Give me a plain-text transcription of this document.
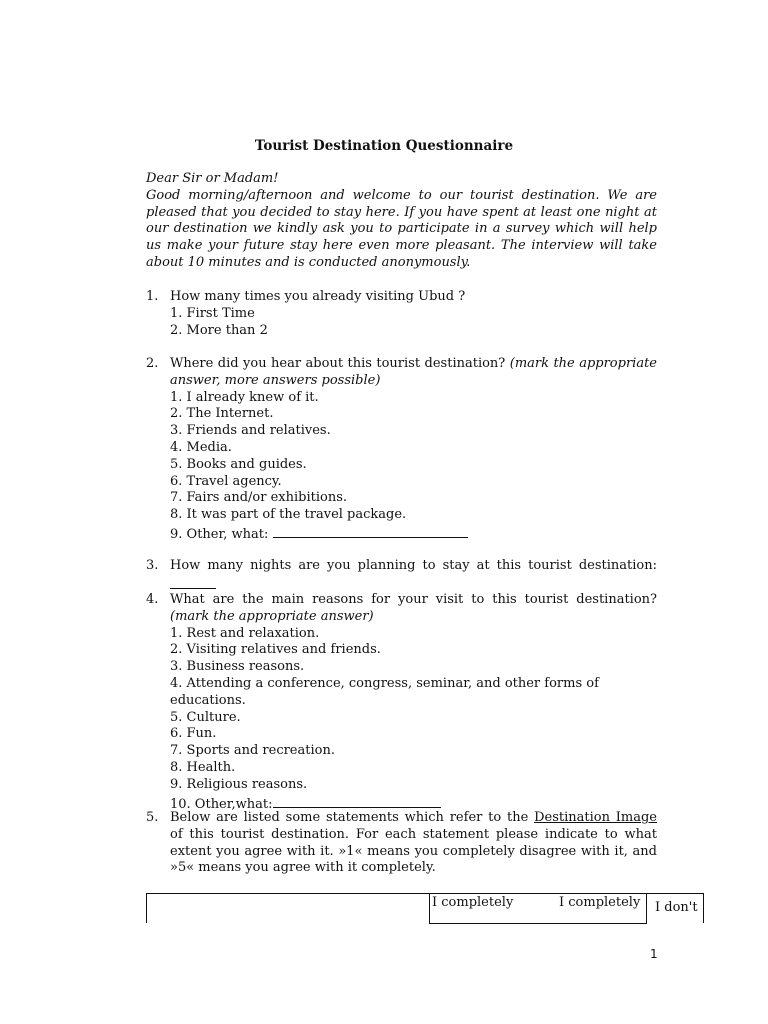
Tourist Destination Questionnaire
Dear Sir or Madam!
Good morning/afternoon and welcome to our tourist destination. We are pleased that you decided to stay here. If you have spent at least one night at our destination we kindly ask you to participate in a survey which will help us make your future stay here even more pleasant. The interview will take about 10 minutes and is conducted anonymously.
1. How many times you already visiting Ubud ?
1. First Time
2. More than 2
2. Where did you hear about this tourist destination? (mark the appropriate answer, more answers possible)
1. I already knew of it.
2. The Internet.
3. Friends and relatives.
4. Media.
5. Books and guides.
6. Travel agency.
7. Fairs and/or exhibitions.
8. It was part of the travel package.
9. Other, what:
3. How many nights are you planning to stay at this tourist destination:
4. What are the main reasons for your visit to this tourist destination? (mark the appropriate answer)
1. Rest and relaxation.
2. Visiting relatives and friends.
3. Business reasons.
4. Attending a conference, congress, seminar, and other forms of educations.
5. Culture.
6. Fun.
7. Sports and recreation.
8. Health.
9. Religious reasons.
10. Other,what:
5. Below are listed some statements which refer to the Destination Image of this tourist destination. For each statement please indicate to what extent you agree with it. »1« means you completely disagree with it, and »5« means you agree with it completely.
I completely	I completely I don't
1
